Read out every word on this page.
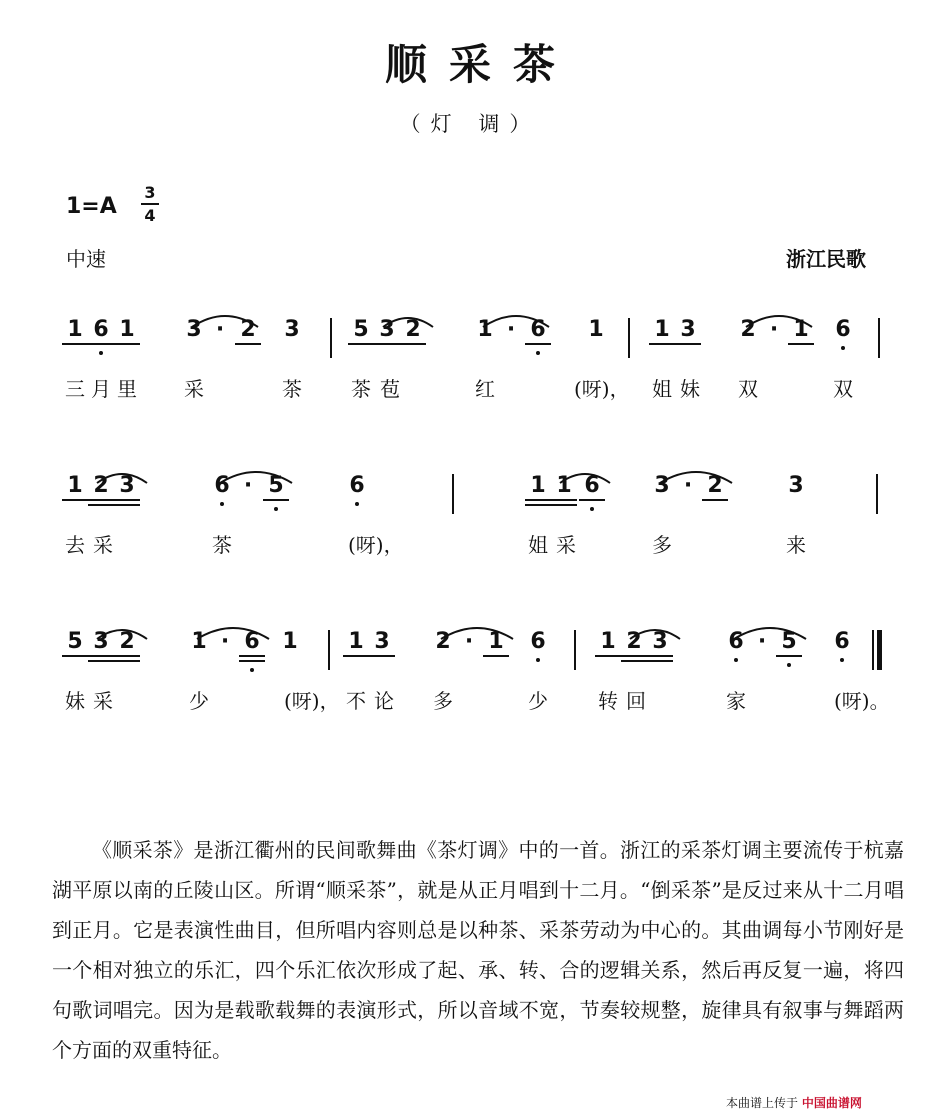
顺采茶
（灯 调）
1=A
3
4
中速	浙江民歌
1 6 1 3 · 2 3 5 3 2	1 · 6 1 1 3 2 · 1 6
1 2 3	6 · 5	6	1 1 6 3 · 2	3
5 3 2	1 · 6 1 1 3 2 · 1 6 1 2 3	6 · 5 6
三 月 里 采	茶 茶 苞	红	(呀)， 姐 妹 双	双
去 采	茶	(呀)，	姐 采	多	来
妹 采	少	(呀)， 不 论 多	少	转 回	家	(呀)。

《顺采茶》是浙江衢州的民间歌舞曲《茶灯调》中的一首。浙江的采茶灯调主要流传于杭嘉湖平原以南的丘陵山区。所谓“顺采茶”，就是从正月唱到十二月。“倒采茶”是反过来从十二月唱到正月。它是表演性曲目，但所唱内容则总是以种茶、采茶劳动为中心的。其曲调每小节刚好是一个相对独立的乐汇，四个乐汇依次形成了起、承、转、合的逻辑关系，然后再反复一遍，将四句歌词唱完。因为是载歌载舞的表演形式，所以音域不宽，节奏较规整，旋律具有叙事与舞蹈两个方面的双重特征。

本曲谱上传于 中国曲谱网
